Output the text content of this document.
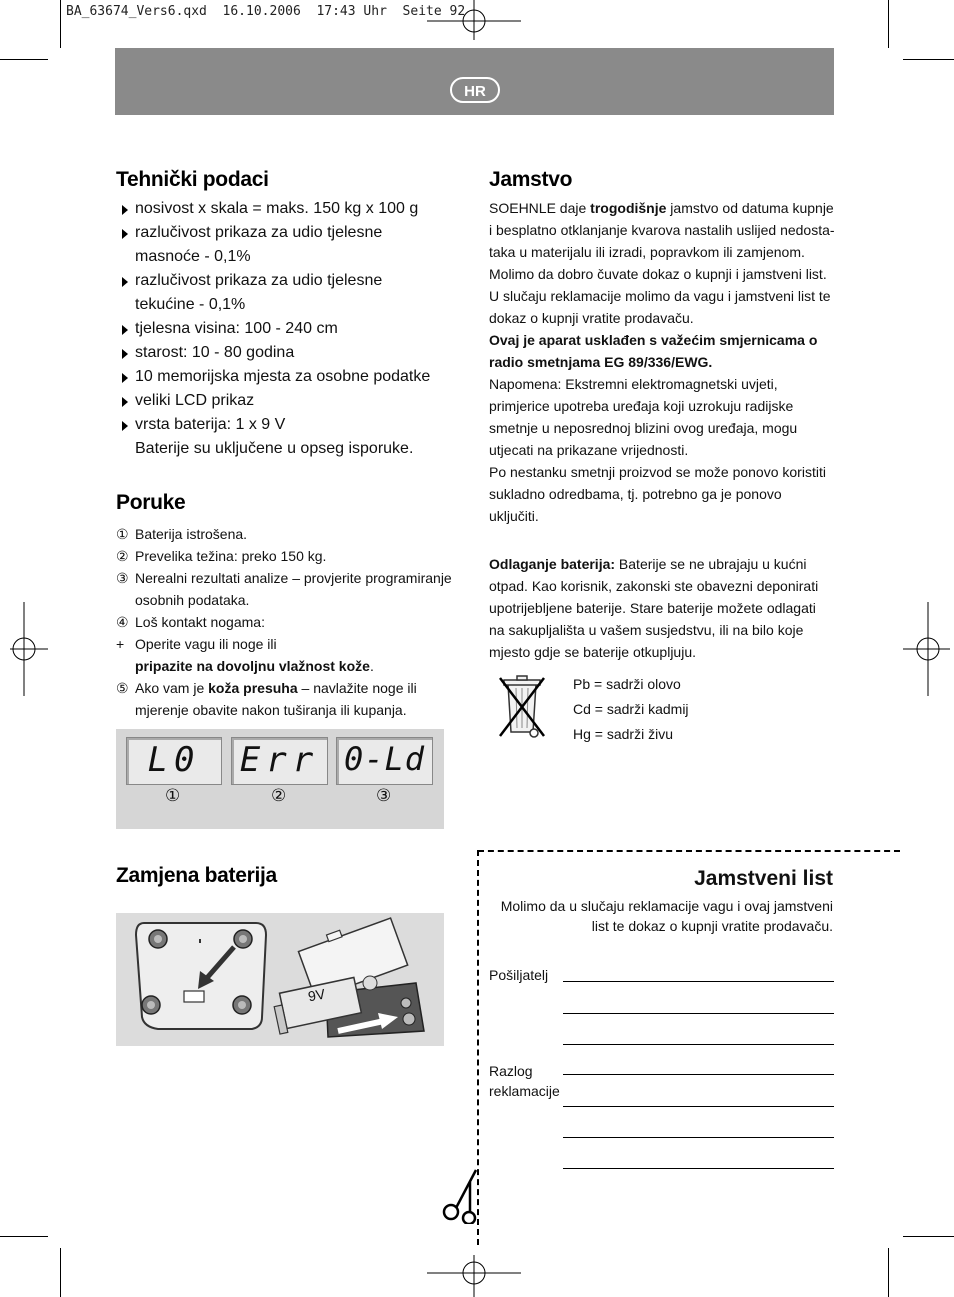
BA_63674_Vers6.qxd  16.10.2006  17:43 Uhr  Seite 92
HR
Tehnički podaci
nosivost x skala = maks. 150 kg x 100 g
razlučivost prikaza za udio tjelesne
masnoće - 0,1%
razlučivost prikaza za udio tjelesne
tekućine - 0,1%
tjelesna visina: 100 - 240 cm
starost: 10 - 80 godina
10 memorijska mjesta za osobne podatke
veliki LCD prikaz
vrsta baterija: 1 x 9 V
Baterije su uključene u opseg isporuke.
Poruke
① Baterija istrošena.
② Prevelika težina: preko 150 kg.
③ Nerealni rezultati analize – provjerite programiranje
osobnih podataka.
④ Loš kontakt nogama:
+ Operite vagu ili noge ili
pripazite na dovoljnu vlažnost kože.
⑤ Ako vam je koža presuha – navlažite noge ili
mjerenje obavite nakon tuširanja ili kupanja.
L0	Err 0-Ld
①	②	③
Zamjena baterija
9V
Jamstvo
SOEHNLE daje trogodišnje jamstvo od datuma kupnje
i besplatno otklanjanje kvarova nastalih uslijed nedosta-
taka u materijalu ili izradi, popravkom ili zamjenom.
Molimo da dobro čuvate dokaz o kupnji i jamstveni list.
U slučaju reklamacije molimo da vagu i jamstveni list te
dokaz o kupnji vratite prodavaču.
Ovaj je aparat usklađen s važećim smjernicama o
radio smetnjama EG 89/336/EWG.
Napomena: Ekstremni elektromagnetski uvjeti,
primjerice upotreba uređaja koji uzrokuju radijske
smetnje u neposrednoj blizini ovog uređaja, mogu
utjecati na prikazane vrijednosti.
Po nestanku smetnji proizvod se može ponovo koristiti
sukladno odredbama, tj. potrebno ga je ponovo
uključiti.
Odlaganje baterija: Baterije se ne ubrajaju u kućni
otpad. Kao korisnik, zakonski ste obavezni deponirati
upotrijebljene baterije. Stare baterije možete odlagati
na sakupljališta u vašem susjedstvu, ili na bilo koje
mjesto gdje se baterije otkupljuju.
Pb = sadrži olovo
Cd = sadrži kadmij
Hg = sadrži živu
Jamstveni list
Molimo da u slučaju reklamacije vagu i ovaj jamstveni
list te dokaz o kupnji vratite prodavaču.
Pošiljatelj
Razlog
reklamacije
